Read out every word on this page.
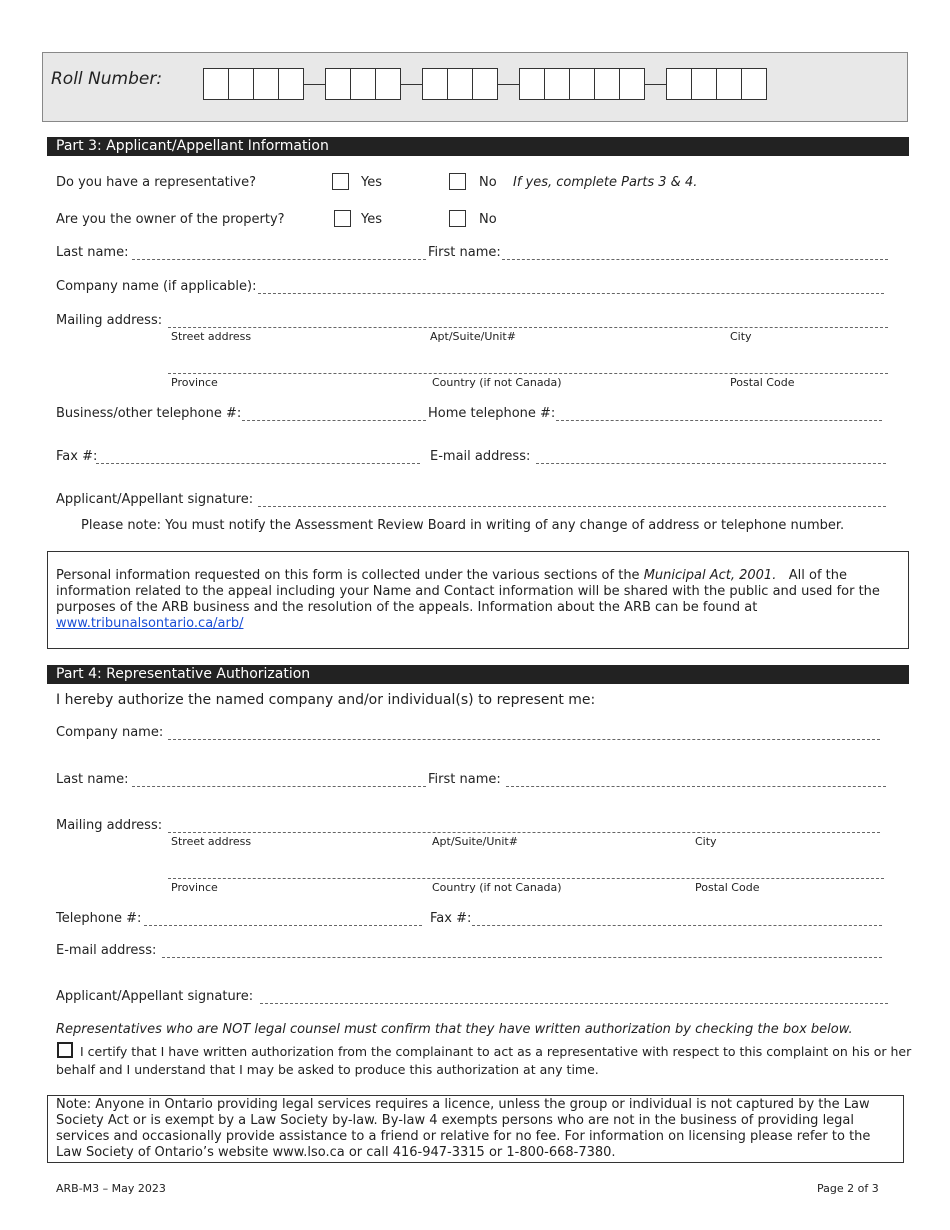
Roll Number:
Part 3: Applicant/Appellant Information
Do you have a representative?	Yes	No If yes, complete Parts 3 & 4.
Are you the owner of the property?	Yes	No
Last name:	First name:
Company name (if applicable):
Mailing address:
Street address	Apt/Suite/Unit#	City
Province	Country (if not Canada)	Postal Code
Business/other telephone #:	Home telephone #:
Fax #:	E-mail address:
Applicant/Appellant signature:
Please note: You must notify the Assessment Review Board in writing of any change of address or telephone number.
Personal information requested on this form is collected under the various sections of the Municipal Act, 2001.   All of the
information related to the appeal including your Name and Contact information will be shared with the public and used for the
purposes of the ARB business and the resolution of the appeals. Information about the ARB can be found at
www.tribunalsontario.ca/arb/
Part 4: Representative Authorization
I hereby authorize the named company and/or individual(s) to represent me:
Company name:
Last name:	First name:
Mailing address:
Street address	Apt/Suite/Unit#	City
Province	Country (if not Canada)	Postal Code
Telephone #:	Fax #:
E-mail address:
Applicant/Appellant signature:
Representatives who are NOT legal counsel must confirm that they have written authorization by checking the box below.
I certify that I have written authorization from the complainant to act as a representative with respect to this complaint on his or her
behalf and I understand that I may be asked to produce this authorization at any time.
Note: Anyone in Ontario providing legal services requires a licence, unless the group or individual is not captured by the Law
Society Act or is exempt by a Law Society by-law. By-law 4 exempts persons who are not in the business of providing legal
services and occasionally provide assistance to a friend or relative for no fee. For information on licensing please refer to the
Law Society of Ontario’s website www.lso.ca or call 416-947-3315 or 1-800-668-7380.
ARB-M3 – May 2023	Page 2 of 3
